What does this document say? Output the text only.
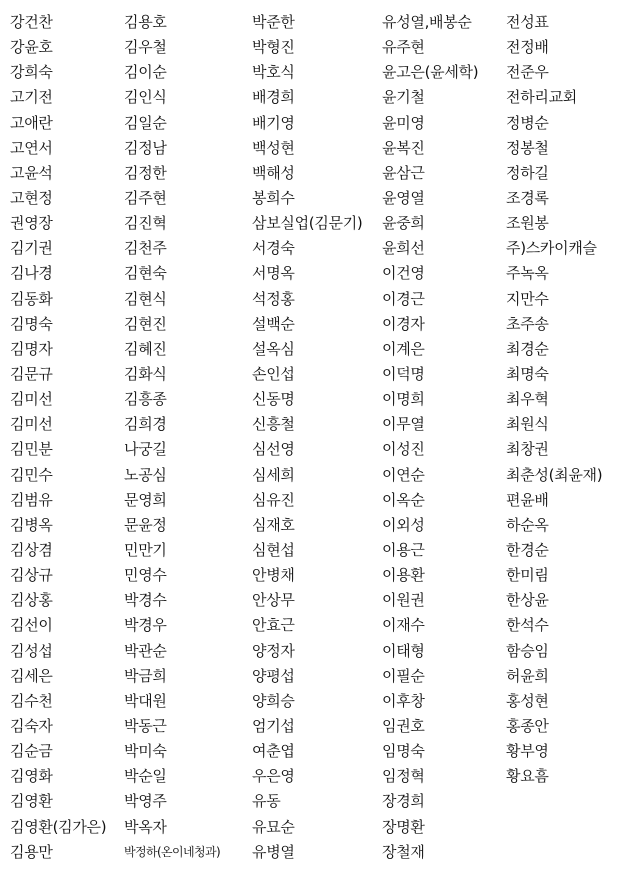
강건찬
강윤호
강희숙
고기전
고애란
고연서
고윤석
고현정
권영장
김기권
김나경
김동화
김명숙
김명자
김문규
김미선
김미선
김민분
김민수
김범유
김병옥
김상겸
김상규
김상홍
김선이
김성섭
김세은
김수천
김숙자
김순금
김영화
김영환
김영환(김가은)
김용만
김용호
김우철
김이순
김인식
김일순
김정남
김정한
김주현
김진혁
김천주
김현숙
김현식
김현진
김혜진
김화식
김흥종
김희경
나궁길
노공심
문영희
문윤정
민만기
민영수
박경수
박경우
박관순
박금희
박대원
박동근
박미숙
박순일
박영주
박옥자
박정하(온이네청과)
박준한
박형진
박호식
배경희
배기영
백성현
백해성
봉희수
삼보실업(김문기)
서경숙
서명옥
석정홍
설백순
설옥심
손인섭
신동명
신흥철
심선영
심세희
심유진
심재호
심현섭
안병채
안상무
안효근
양정자
양평섭
양희승
엄기섭
여춘엽
우은영
유동
유묘순
유병열
유성열,배봉순
유주현
윤고은(윤세학)
윤기철
윤미영
윤복진
윤삼근
윤영열
윤중희
윤희선
이건영
이경근
이경자
이계은
이덕명
이명희
이무열
이성진
이연순
이옥순
이외성
이용근
이용환
이원권
이재수
이태형
이필순
이후창
임권호
임명숙
임정혁
장경희
장명환
장철재
전성표
전정배
전준우
전하리교회
정병순
정봉철
정하길
조경록
조원봉
주)스카이캐슬
주녹옥
지만수
초주송
최경순
최명숙
최우혁
최원식
최창권
최춘성(최윤재)
편윤배
하순옥
한경순
한미림
한상윤
한석수
함승임
허윤희
홍성현
홍종안
황부영
황요흠
